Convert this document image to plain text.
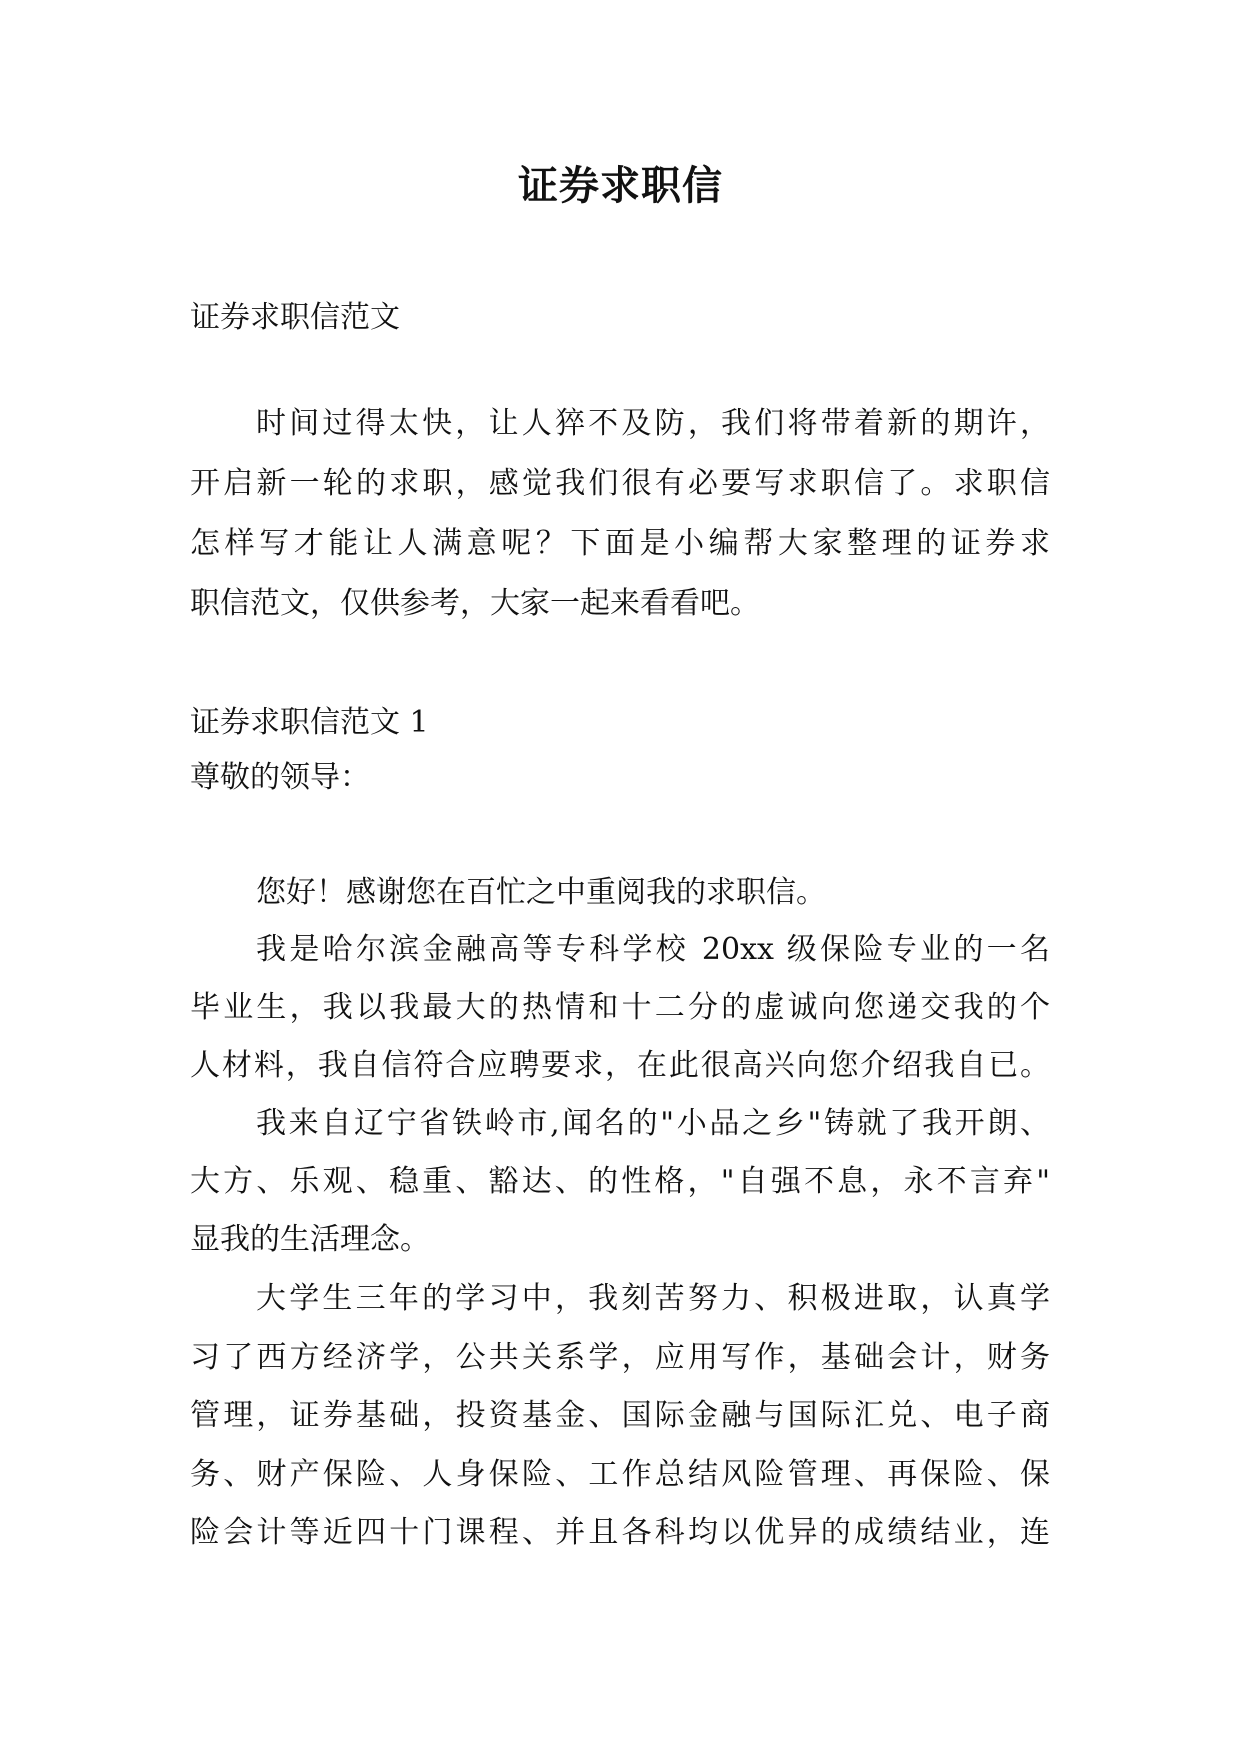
证券求职信
证券求职信范文
时间过得太快，让人猝不及防，我们将带着新的期许，
开启新一轮的求职，感觉我们很有必要写求职信了。求职信
怎样写才能让人满意呢？下面是小编帮大家整理的证券求
职信范文，仅供参考，大家一起来看看吧。
证券求职信范文 1
尊敬的领导：
您好！感谢您在百忙之中重阅我的求职信。
我是哈尔滨金融高等专科学校 20xx 级保险专业的一名
毕业生，我以我最大的热情和十二分的虚诚向您递交我的个
人材料，我自信符合应聘要求，在此很高兴向您介绍我自已。
我来自辽宁省铁岭市,闻名的"小品之乡"铸就了我开朗、
大方、乐观、稳重、豁达、的性格，"自强不息，永不言弃"
显我的生活理念。
大学生三年的学习中，我刻苦努力、积极进取，认真学
习了西方经济学，公共关系学，应用写作，基础会计，财务
管理，证券基础，投资基金、国际金融与国际汇兑、电子商
务、财产保险、人身保险、工作总结风险管理、再保险、保
险会计等近四十门课程、并且各科均以优异的成绩结业，连
